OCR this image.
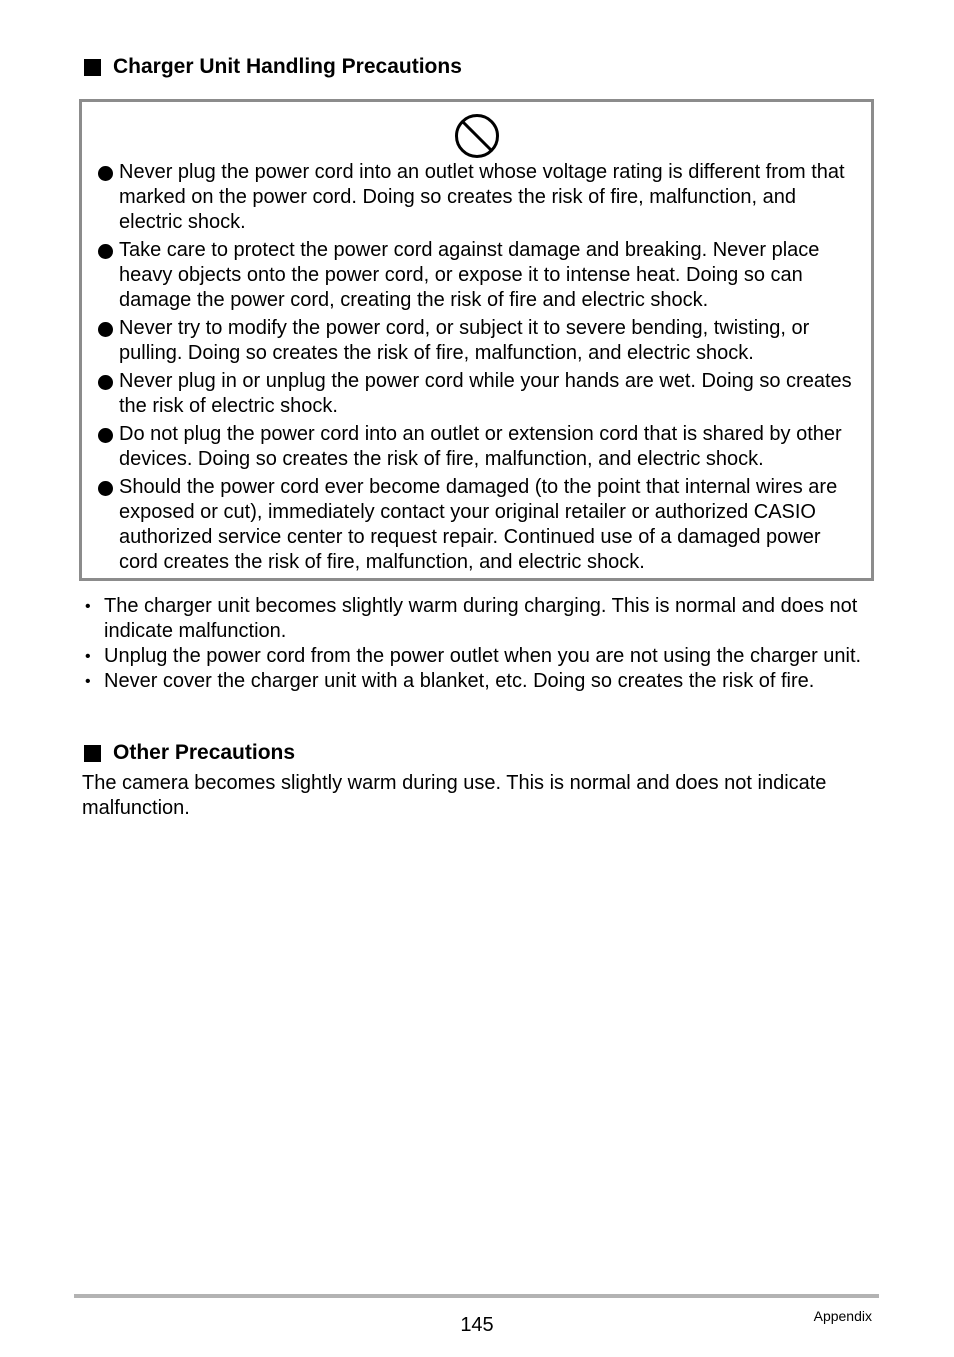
Charger Unit Handling Precautions
Never plug the power cord into an outlet whose voltage rating is different from that marked on the power cord. Doing so creates the risk of fire, malfunction, and electric shock.
Take care to protect the power cord against damage and breaking. Never place heavy objects onto the power cord, or expose it to intense heat. Doing so can damage the power cord, creating the risk of fire and electric shock.
Never try to modify the power cord, or subject it to severe bending, twisting, or pulling. Doing so creates the risk of fire, malfunction, and electric shock.
Never plug in or unplug the power cord while your hands are wet. Doing so creates the risk of electric shock.
Do not plug the power cord into an outlet or extension cord that is shared by other devices. Doing so creates the risk of fire, malfunction, and electric shock.
Should the power cord ever become damaged (to the point that internal wires are exposed or cut), immediately contact your original retailer or authorized CASIO authorized service center to request repair. Continued use of a damaged power cord creates the risk of fire, malfunction, and electric shock.
• The charger unit becomes slightly warm during charging. This is normal and does not indicate malfunction.
• Unplug the power cord from the power outlet when you are not using the charger unit.
• Never cover the charger unit with a blanket, etc. Doing so creates the risk of fire.
Other Precautions

The camera becomes slightly warm during use. This is normal and does not indicate malfunction.

145	Appendix
